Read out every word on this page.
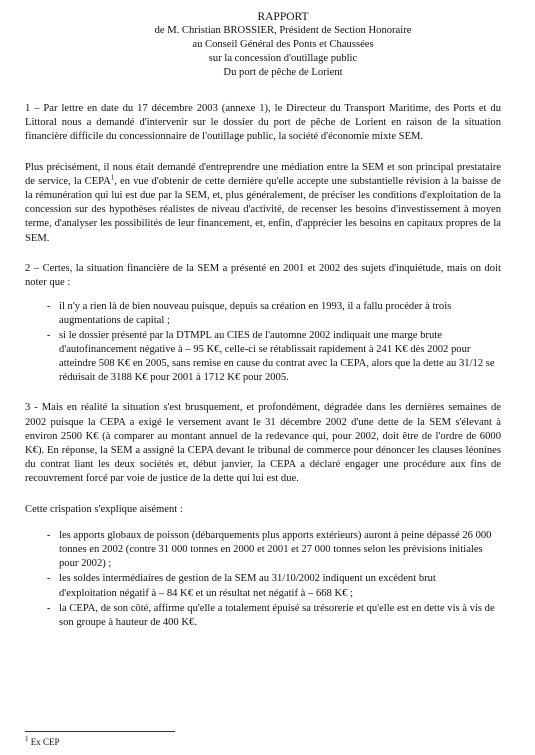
RAPPORT
de M. Christian BROSSIER, Président de Section Honoraire
au Conseil Général des Ponts et Chaussées
sur la concession d'outillage public
Du port de pêche de Lorient

1 – Par lettre en date du 17 décembre 2003 (annexe 1), le Directeur du Transport Maritime, des Ports et du Littoral nous a demandé d'intervenir sur le dossier du port de pêche de Lorient en raison de la situation financière difficile du concessionnaire de l'outillage public, la société d'économie mixte SEM.

Plus précisément, il nous était demandé d'entreprendre une médiation entre la SEM et son principal prestataire de service, la CEPA$^1$, en vue d'obtenir de cette dernière qu'elle accepte une substantielle révision à la baisse de la rémunération qui lui est due par la SEM, et, plus généralement, de préciser les conditions d'exploitation de la concession sur des hypothèses réalistes de niveau d'activité, de recenser les besoins d'investissement à moyen terme, d'analyser les possibilités de leur financement, et, enfin, d'apprécier les besoins en capitaux propres de la SEM.

2 – Certes, la situation financière de la SEM a présenté en 2001 et 2002 des sujets d'inquiétude, mais on doit noter que :

- il n'y a rien là de bien nouveau puisque, depuis sa création en 1993, il a fallu procéder à trois augmentations de capital ;
- si le dossier présenté par la DTMPL au CIES de l'automne 2002 indiquait une marge brute d'autofinancement négative à – 95 K€, celle-ci se rétablissait rapidement à 241 K€ dès 2002 pour atteindre 508 K€ en 2005, sans remise en cause du contrat avec la CEPA, alors que la dette au 31/12 se réduisait de 3188 K€ pour 2001 à 1712 K€ pour 2005.

3 - Mais en réalité la situation s'est brusquement, et profondément, dégradée dans les dernières semaines de 2002 puisque la CEPA a exigé le versement avant le 31 décembre 2002 d'une dette de la SEM s'élevant à environ 2500 K€ (à comparer au montant annuel de la redevance qui, pour 2002, doit être de l'ordre de 6000 K€). En réponse, la SEM a assigné la CEPA devant le tribunal de commerce pour dénoncer les clauses léonines du contrat liant les deux sociétés et, début janvier, la CEPA a déclaré engager une procédure aux fins de recouvrement forcé par voie de justice de la dette qui lui est due.

Cette crispation s'explique aisément :

- les apports globaux de poisson (débarquements plus apports extérieurs) auront à peine dépassé 26 000 tonnes en 2002 (contre 31 000 tonnes en 2000 et 2001 et 27 000 tonnes selon les prévisions initiales pour 2002) ;
- les soldes intermédiaires de gestion de la SEM au 31/10/2002 indiquent un excédent brut d'exploitation négatif à – 84 K€ et un résultat net négatif à – 668 K€ ;
- la CEPA, de son côté, affirme qu'elle a totalement épuisé sa trésorerie et qu'elle est en dette vis à vis de son groupe à hauteur de 400 K€.
$^1$ Ex CEP
